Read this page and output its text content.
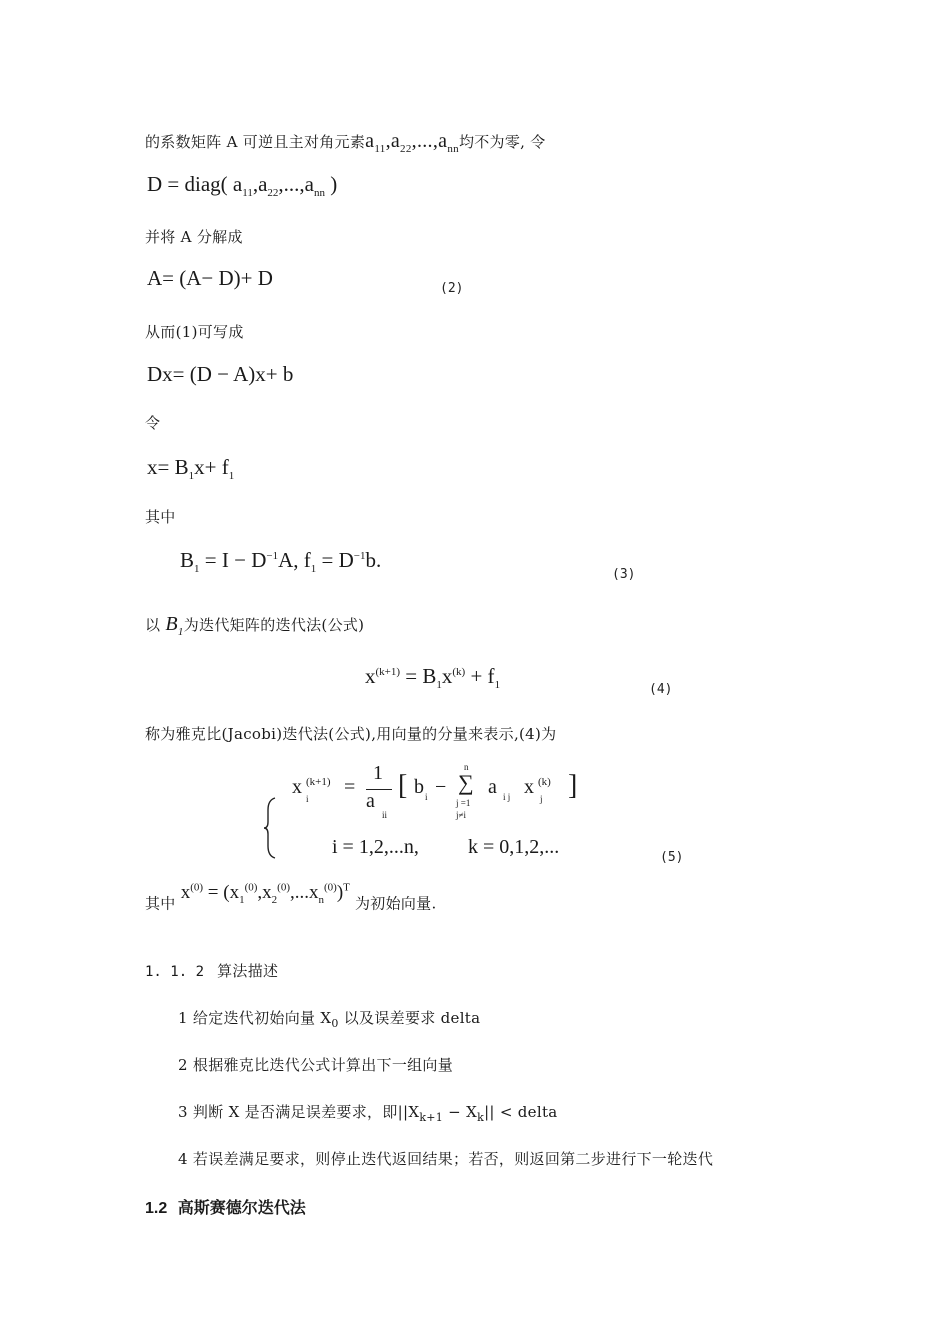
的系数矩阵 A 可逆且主对角元素$a_{11},a_{22},...,a_{nn}$均不为零, 令
D = diag( $a_{11},a_{22},...,a_{nn}$ )
并将 A 分解成
A= (A− D)+ D	(2)
从而(1)可写成
Dx= (D − A)x+ b
令
$x= B_1x+ f_1$
其中
$B_1 = I - D^{-1}A$, $f_1 = D^{-1}b$.
(3)
以 $B_1$为迭代矩阵的迭代法(公式)
$x^{(k+1)} = B_1x^{(k)} + f_1$	(4)
称为雅克比(Jacobi)迭代法(公式),用向量的分量来表示,(4)为
x (k+1)
i
=
1
a
ii
[ b i −
n
∑
j =1
j≠i
a i j x (k)
j ]
i = 1,2,...n, k = 0,1,2,...	(5)
其中 $x^{(0)} = (x_1^{(0)},x_2^{(0)},...x_n^{(0)})^T$ 为初始向量.
1. 1. 2 算法描述
1 给定迭代初始向量 $X_0$ 以及误差要求 delta
2 根据雅克比迭代公式计算出下一组向量
3 判断 X 是否满足误差要求，即$||X_{k+1} - X_k||$ < delta
4 若误差满足要求，则停止迭代返回结果；若否，则返回第二步进行下一轮迭代
1.2 高斯赛德尔迭代法
